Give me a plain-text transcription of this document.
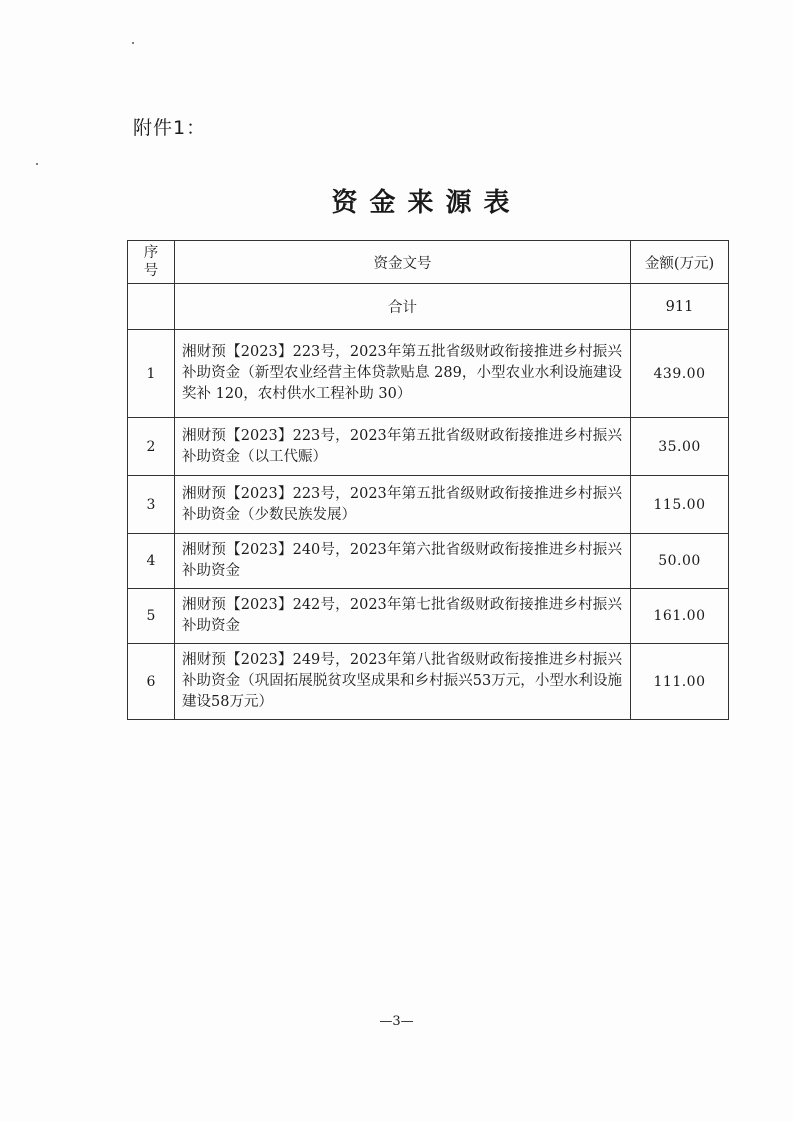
附件1：
资金来源表
序
号	资金文号	金额(万元)
	合计	911
1	湘财预【2023】223号，2023年第五批省级财政衔接推进乡村振兴补助资金（新型农业经营主体贷款贴息 289，小型农业水利设施建设奖补 120，农村供水工程补助 30）	439.00
2	湘财预【2023】223号，2023年第五批省级财政衔接推进乡村振兴补助资金（以工代赈）	35.00
3	湘财预【2023】223号，2023年第五批省级财政衔接推进乡村振兴补助资金（少数民族发展）	115.00
4	湘财预【2023】240号，2023年第六批省级财政衔接推进乡村振兴补助资金	50.00
5	湘财预【2023】242号，2023年第七批省级财政衔接推进乡村振兴补助资金	161.00
6	湘财预【2023】249号，2023年第八批省级财政衔接推进乡村振兴补助资金（巩固拓展脱贫攻坚成果和乡村振兴53万元，小型水利设施建设58万元）	111.00
—3—
